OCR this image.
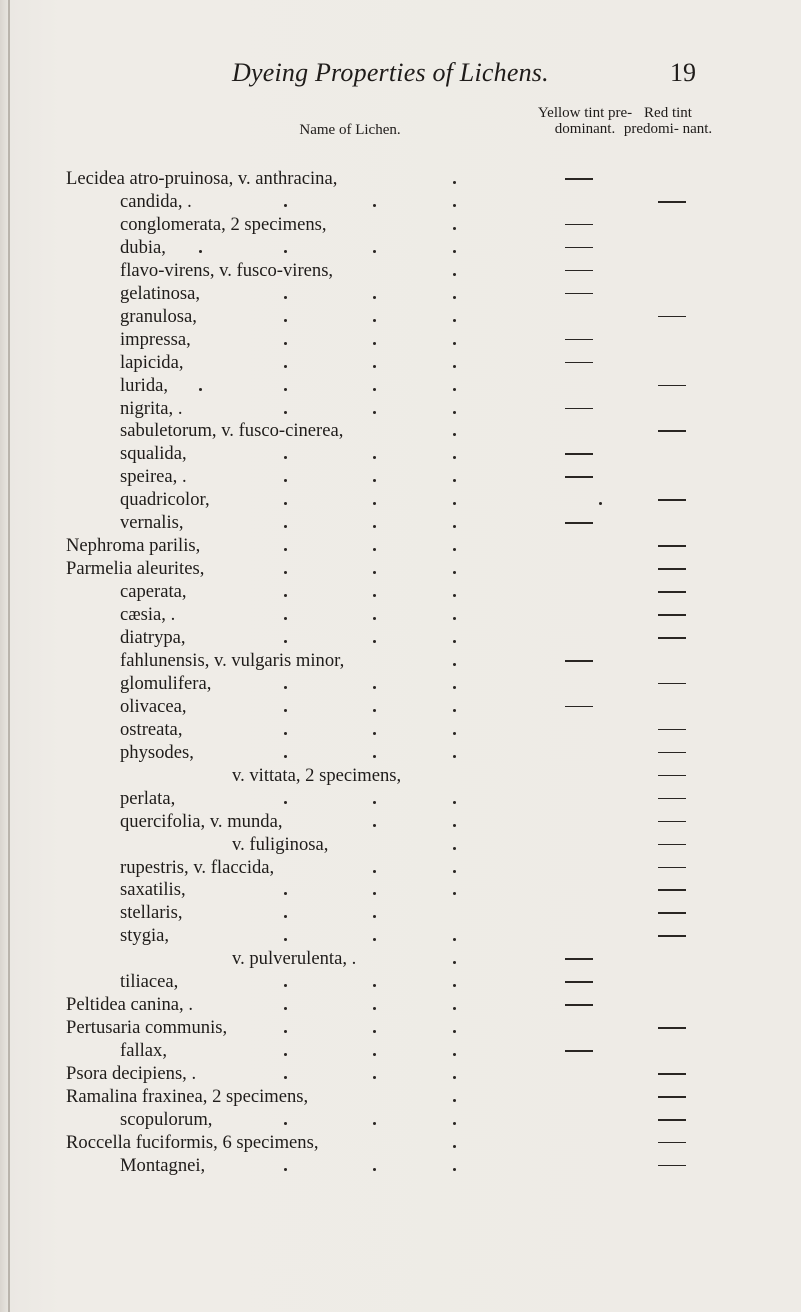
Dyeing Properties of Lichens.	19
Name of Lichen.
Yellow tint pre- dominant.
Red tint predomi- nant.
Lecidea atro-pruinosa, v. anthracina,
candida, .
conglomerata, 2 specimens,
dubia,
flavo-virens, v. fusco-virens,
gelatinosa,
granulosa,
impressa,
lapicida,
lurida,
nigrita, .
sabuletorum, v. fusco-cinerea,
squalida,
speirea, .
quadricolor,
vernalis,
Nephroma parilis,
Parmelia aleurites,
caperata,
cæsia, .
diatrypa,
fahlunensis, v. vulgaris minor,
glomulifera,
olivacea,
ostreata,
physodes,
v. vittata, 2 specimens,
perlata,
quercifolia, v. munda,
v. fuliginosa,
rupestris, v. flaccida,
saxatilis,
stellaris,
stygia,
v. pulverulenta, .
tiliacea,
Peltidea canina, .
Pertusaria communis,
fallax,
Psora decipiens, .
Ramalina fraxinea, 2 specimens,
scopulorum,
Roccella fuciformis, 6 specimens,
Montagnei,
